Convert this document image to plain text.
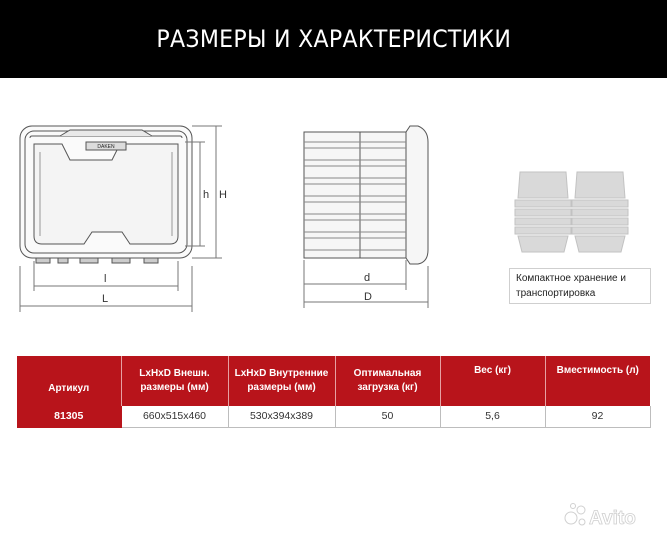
РАЗМЕРЫ И ХАРАКТЕРИСТИКИ
DAKEN
h H
l
L
d
D
Компактное хранение и транспортировка
Артикул	LxHxD Внешн. размеры (мм)	LxHxD Внутренние размеры (мм)	Оптимальная загрузка (кг)	Вес (кг)	Вместимость (л)
81305	660x515x460	530x394x389	50	5,6	92
Avito
